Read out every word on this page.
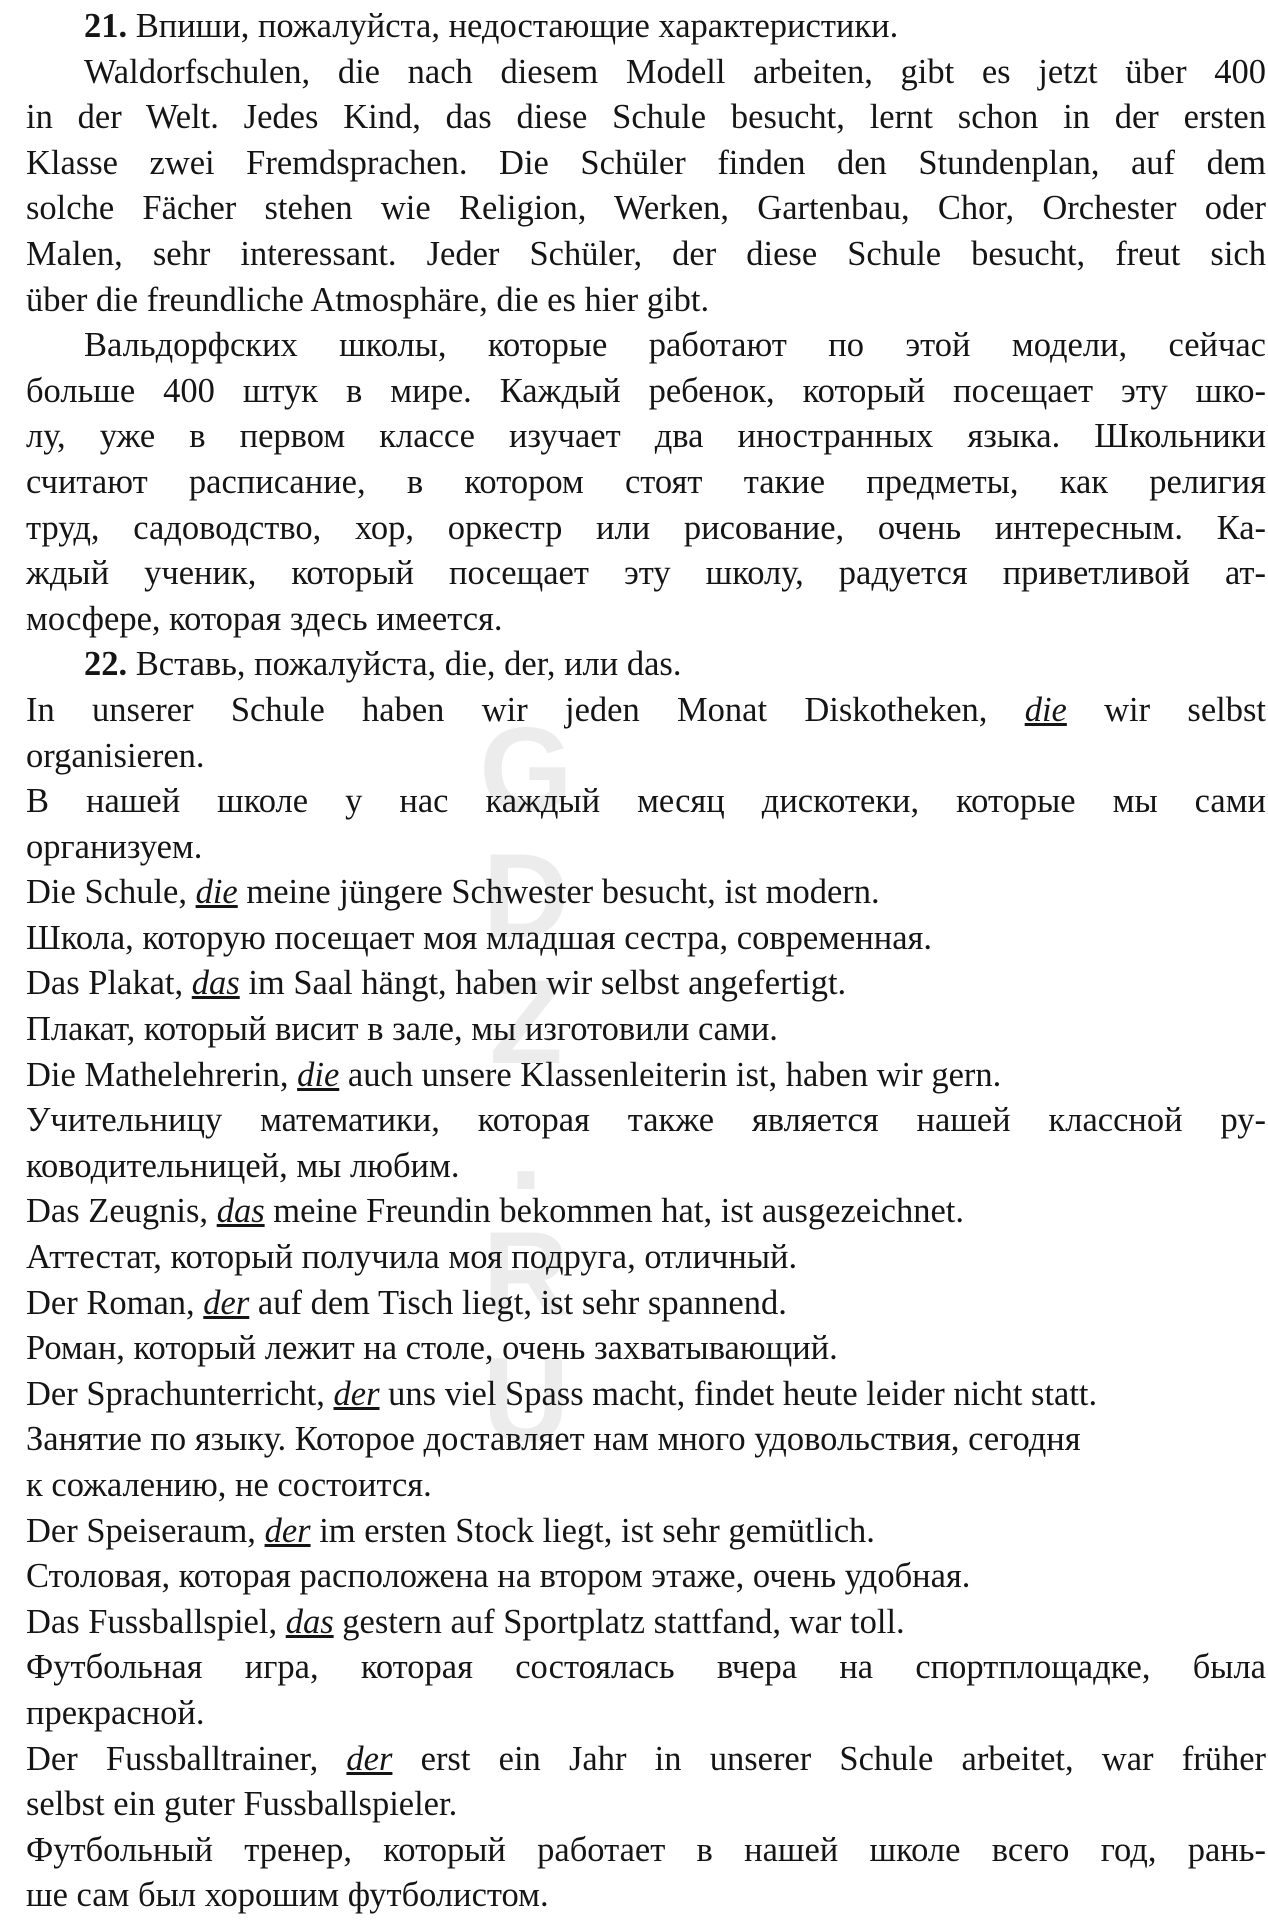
G
D
Z
.
R
U
21. Впиши, пожалуйста, недостающие характеристики.
Waldorfschulen, die nach diesem Modell arbeiten, gibt es jetzt über 400
in der Welt. Jedes Kind, das diese Schule besucht, lernt schon in der ersten
Klasse zwei Fremdsprachen. Die Schüler finden den Stundenplan, auf dem
solche Fächer stehen wie Religion, Werken, Gartenbau, Chor, Orchester oder
Malen, sehr interessant. Jeder Schüler, der diese Schule besucht, freut sich
über die freundliche Atmosphäre, die es hier gibt.
Вальдорфских школы, которые работают по этой модели, сейчас
больше 400 штук в мире. Каждый ребенок, который посещает эту шко-
лу, уже в первом классе изучает два иностранных языка. Школьники
считают расписание, в котором стоят такие предметы, как религия
труд, садоводство, хор, оркестр или рисование, очень интересным. Ка-
ждый ученик, который посещает эту школу, радуется приветливой ат-
мосфере, которая здесь имеется.
22. Вставь, пожалуйста, die, der, или das.
In unserer Schule haben wir jeden Monat Diskotheken, die wir selbst
organisieren.
В нашей школе у нас каждый месяц дискотеки, которые мы сами
организуем.
Die Schule, die meine jüngere Schwester besucht, ist modern.
Школа, которую посещает моя младшая сестра, современная.
Das Plakat, das im Saal hängt, haben wir selbst angefertigt.
Плакат, который висит в зале, мы изготовили сами.
Die Mathelehrerin, die auch unsere Klassenleiterin ist, haben wir gern.
Учительницу математики, которая также является нашей классной ру-
ководительницей, мы любим.
Das Zeugnis, das meine Freundin bekommen hat, ist ausgezeichnet.
Аттестат, который получила моя подруга, отличный.
Der Roman, der auf dem Tisch liegt, ist sehr spannend.
Роман, который лежит на столе, очень захватывающий.
Der Sprachunterricht, der uns viel Spass macht, findet heute leider nicht statt.
Занятие по языку. Которое доставляет нам много удовольствия, сегодня
к сожалению, не состоится.
Der Speiseraum, der im ersten Stock liegt, ist sehr gemütlich.
Столовая, которая расположена на втором этаже, очень удобная.
Das Fussballspiel, das gestern auf Sportplatz stattfand, war toll.
Футбольная игра, которая состоялась вчера на спортплощадке, была
прекрасной.
Der Fussballtrainer, der erst ein Jahr in unserer Schule arbeitet, war früher
selbst ein guter Fussballspieler.
Футбольный тренер, который работает в нашей школе всего год, рань-
ше сам был хорошим футболистом.
